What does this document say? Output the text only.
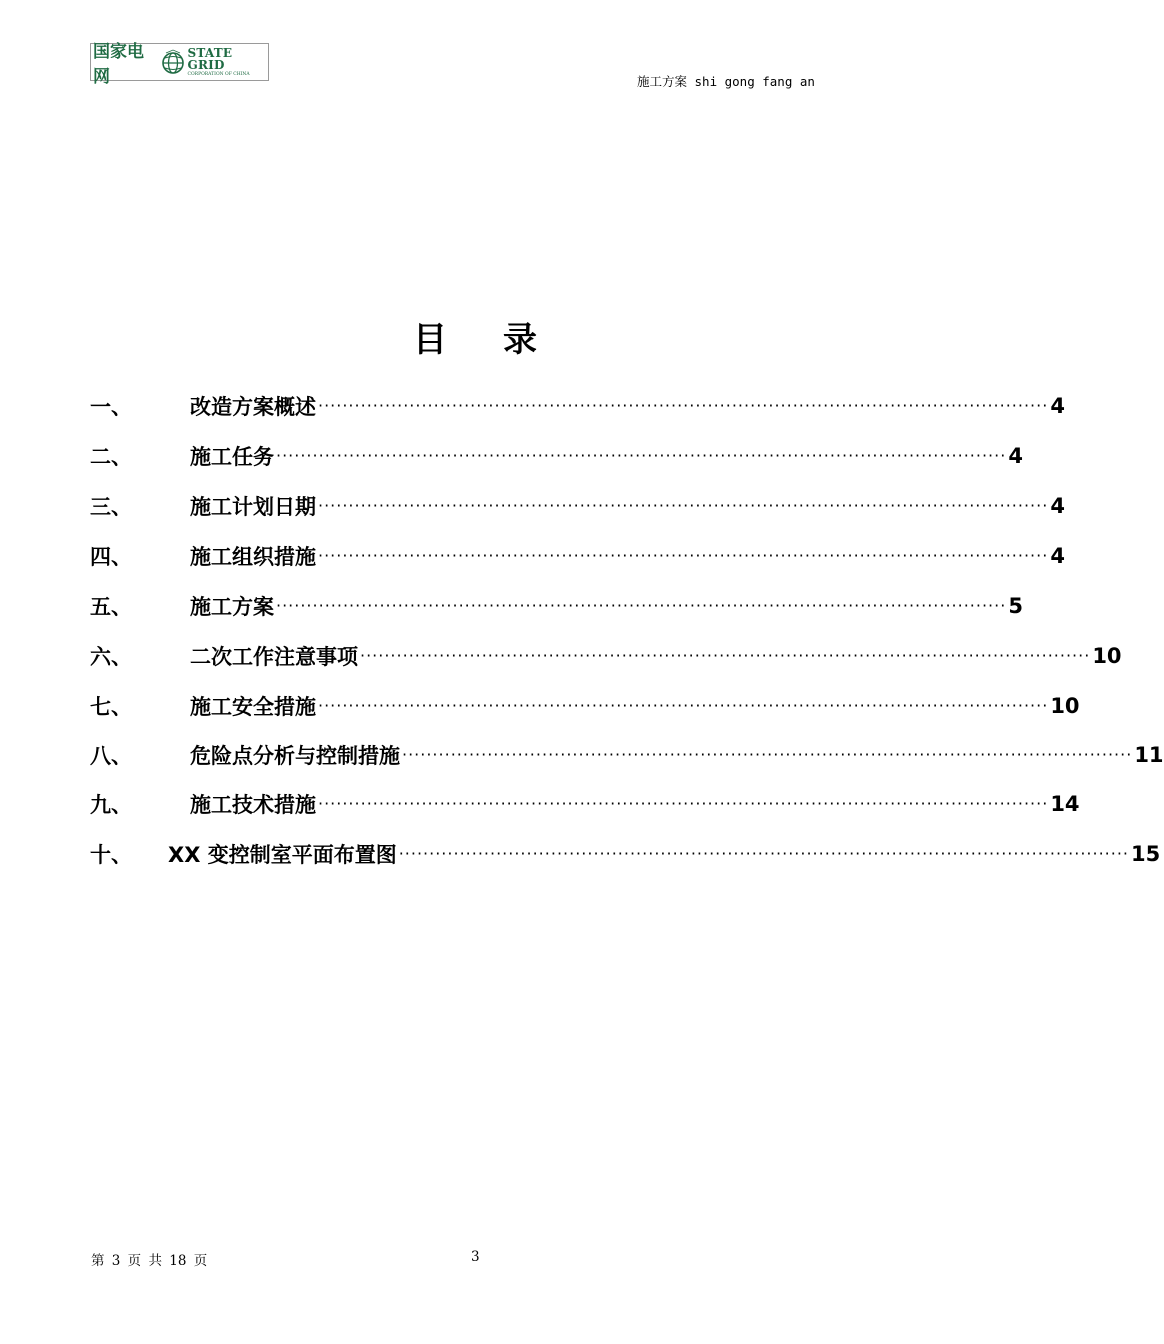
国家电网
STATE GRID
CORPORATION OF CHINA	施工方案 shi gong fang an
目 录
一、	改造方案概述 ························································································································ 4
二、	施工任务 ························································································································ 4
三、	施工计划日期 ························································································································ 4
四、	施工组织措施 ························································································································ 4
五、	施工方案 ························································································································ 5
六、	二次工作注意事项 ························································································································ 10
七、	施工安全措施 ························································································································ 10
八、	危险点分析与控制措施 ························································································································ 11
九、	施工技术措施 ························································································································ 14
十、 XX 变控制室平面布置图 ························································································································ 15
第 3 页 共 18 页	3
